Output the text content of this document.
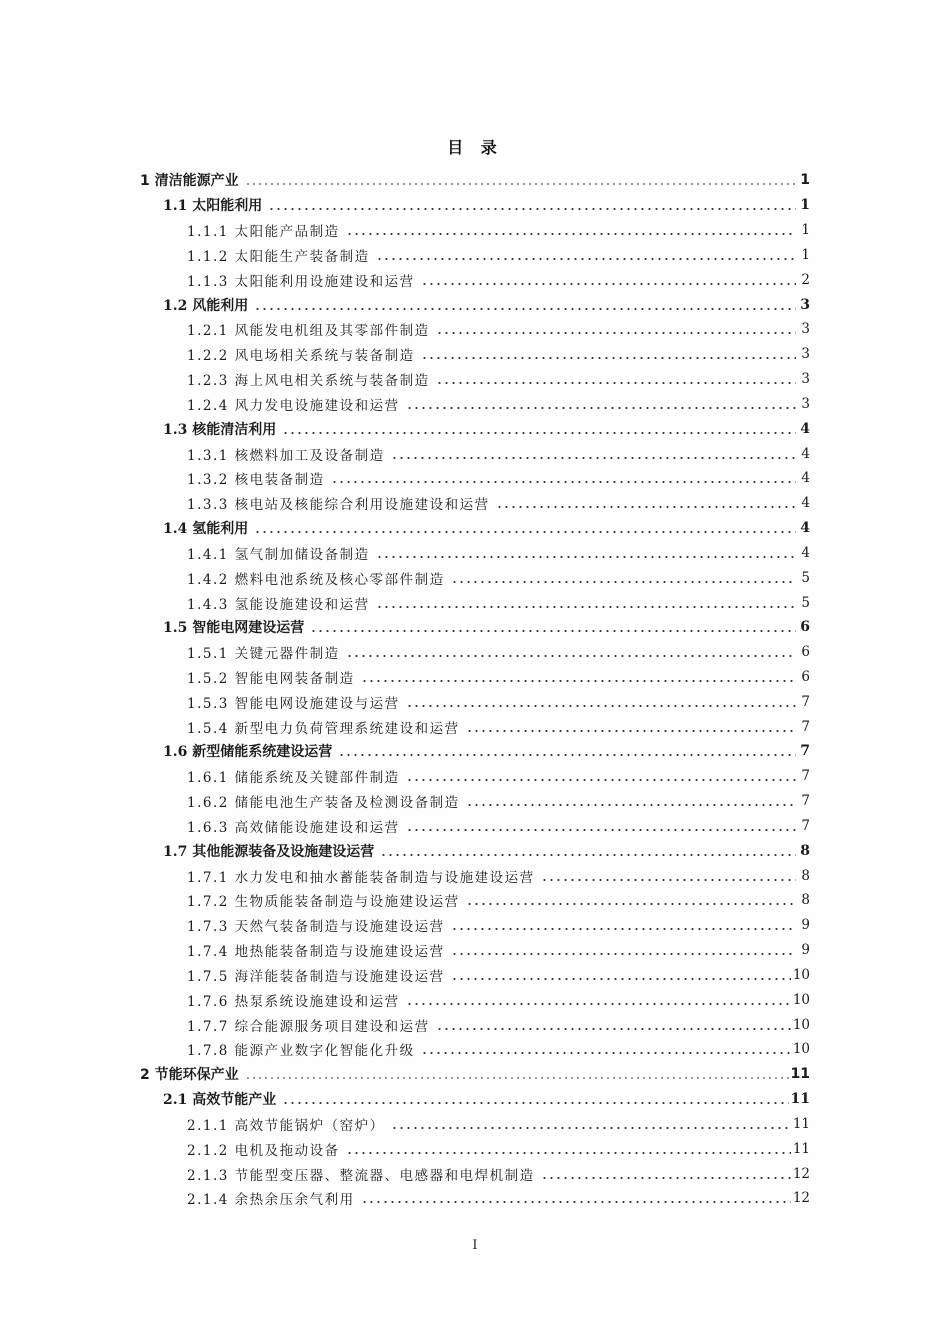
目 录
1 清洁能源产业	1
1.1 太阳能利用	1
1.1.1 太阳能产品制造	1
1.1.2 太阳能生产装备制造	1
1.1.3 太阳能利用设施建设和运营	2
1.2 风能利用	3
1.2.1 风能发电机组及其零部件制造	3
1.2.2 风电场相关系统与装备制造	3
1.2.3 海上风电相关系统与装备制造	3
1.2.4 风力发电设施建设和运营	3
1.3 核能清洁利用	4
1.3.1 核燃料加工及设备制造	4
1.3.2 核电装备制造	4
1.3.3 核电站及核能综合利用设施建设和运营	4
1.4 氢能利用	4
1.4.1 氢气制加储设备制造	4
1.4.2 燃料电池系统及核心零部件制造	5
1.4.3 氢能设施建设和运营	5
1.5 智能电网建设运营	6
1.5.1 关键元器件制造	6
1.5.2 智能电网装备制造	6
1.5.3 智能电网设施建设与运营	7
1.5.4 新型电力负荷管理系统建设和运营	7
1.6 新型储能系统建设运营	7
1.6.1 储能系统及关键部件制造	7
1.6.2 储能电池生产装备及检测设备制造	7
1.6.3 高效储能设施建设和运营	7
1.7 其他能源装备及设施建设运营	8
1.7.1 水力发电和抽水蓄能装备制造与设施建设运营	8
1.7.2 生物质能装备制造与设施建设运营	8
1.7.3 天然气装备制造与设施建设运营	9
1.7.4 地热能装备制造与设施建设运营	9
1.7.5 海洋能装备制造与设施建设运营	10
1.7.6 热泵系统设施建设和运营	10
1.7.7 综合能源服务项目建设和运营	10
1.7.8 能源产业数字化智能化升级	10
2 节能环保产业	11
2.1 高效节能产业	11
2.1.1 高效节能锅炉（窑炉）	11
2.1.2 电机及拖动设备	11
2.1.3 节能型变压器、整流器、电感器和电焊机制造	12
2.1.4 余热余压余气利用	12
I
